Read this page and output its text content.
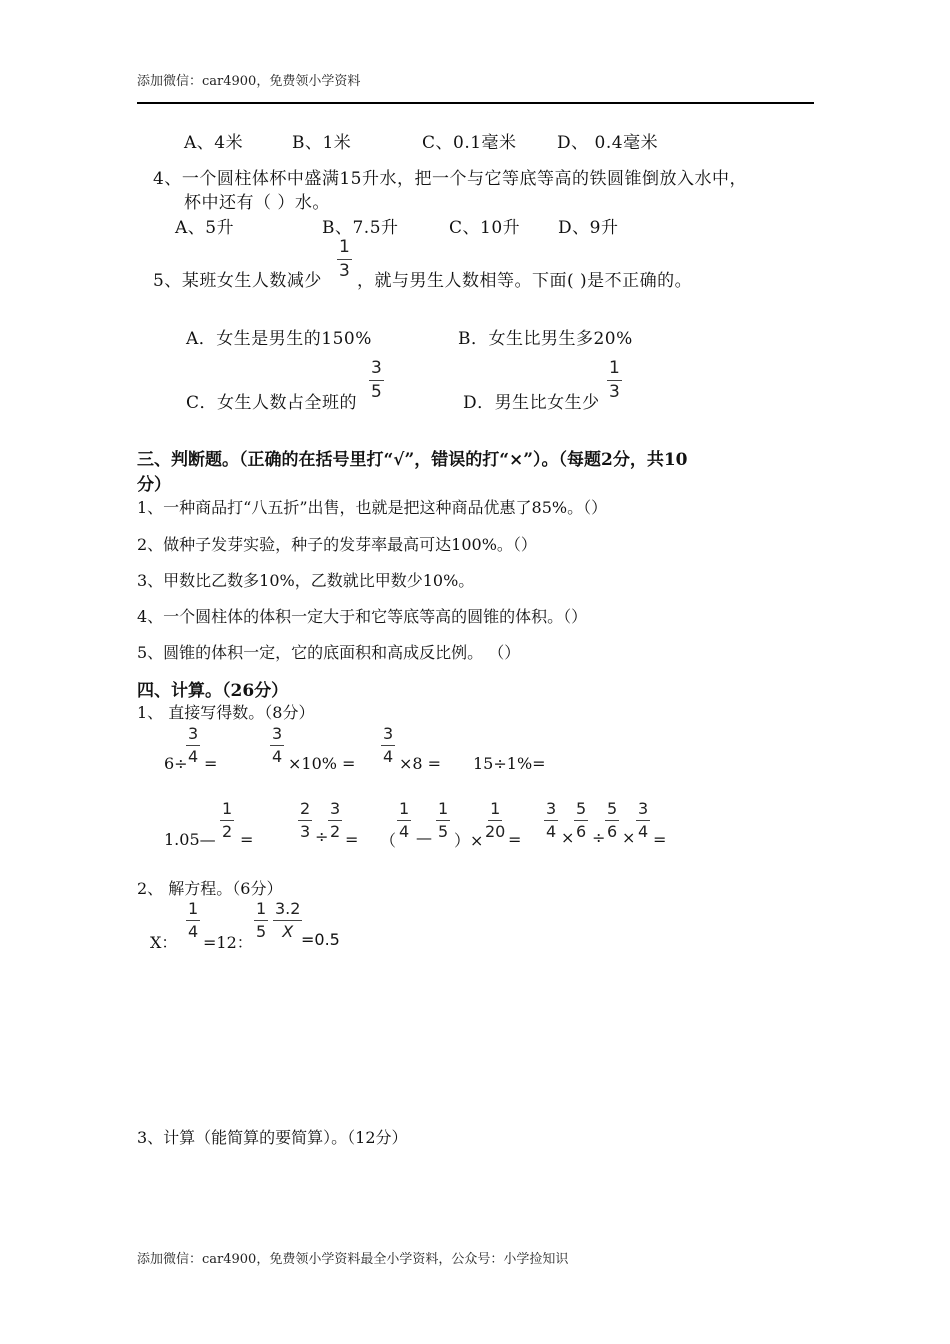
添加微信：car4900，免费领小学资料
A、4米	B、1米	C、0.1毫米 D、 0.4毫米
4、一个圆柱体杯中盛满15升水，把一个与它等底等高的铁圆锥倒放入水中，
杯中还有（ ）水。
A、5升	B、7.5升	C、10升 D、9升
5、某班女生人数减少
$\frac{1}{3}$
，就与男生人数相等。下面( )是不正确的。
A．女生是男生的150%	B．女生比男生多20%
C．女生人数占全班的
$\frac{3}{5}$
D．男生比女生少
$\frac{1}{3}$
三、判断题。（正确的在括号里打“√”，错误的打“×”）。（每题2分，共10
分）
1、一种商品打“八五折”出售，也就是把这种商品优惠了85%。（）
2、做种子发芽实验，种子的发芽率最高可达100%。（）
3、甲数比乙数多10%，乙数就比甲数少10%。
4、一个圆柱体的体积一定大于和它等底等高的圆锥的体积。（）
5、圆锥的体积一定，它的底面积和高成反比例。 （）
四、计算。（26分）
1、 直接写得数。（8分）
6÷
$\frac{3}{4}$ =	$\frac{3}{4} \times 10\% = \frac{3}{4} \times 8 = 15\div 1\%=$
1.05— $\frac{1}{2}$ =	$\frac{2}{3} \div \frac{3}{2}$ = （
$\frac{1}{4}$ — $\frac{1}{5}$
）×
$\frac{1}{20} = \frac{3}{4} \times \frac{5}{6} \div \frac{5}{6} \times \frac{3}{4}$ =
2、 解方程。（6分）
X：
$\frac{1}{4}$
=12：
$\frac{1}{5} \frac{3.2}{X}$
=0.5
3、计算（能简算的要简算）。（12分）
添加微信：car4900，免费领小学资料最全小学资料，公众号：小学捡知识
